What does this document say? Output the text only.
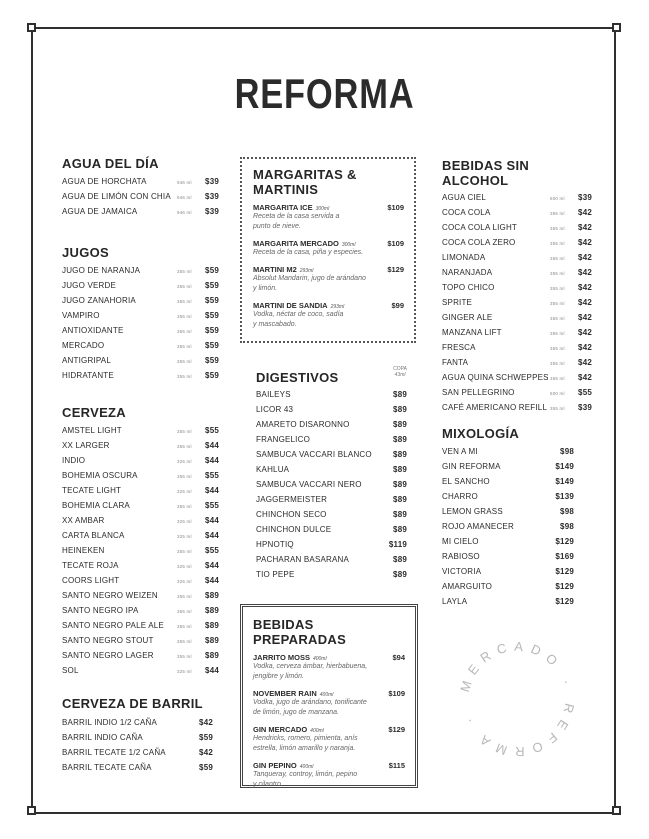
REFORMA
AGUA DEL DÍA
AGUA DE HORCHATA	946 ml	$39
AGUA DE LIMÓN CON CHIA	946 ml	$39
AGUA DE JAMAICA	946 ml	$39
JUGOS
JUGO DE NARANJA	355 ml	$59
JUGO VERDE	355 ml	$59
JUGO ZANAHORIA	355 ml	$59
VAMPIRO	355 ml	$59
ANTIOXIDANTE	355 ml	$59
MERCADO	355 ml	$59
ANTIGRIPAL	355 ml	$59
HIDRATANTE	355 ml	$59
CERVEZA
AMSTEL LIGHT	355 ml	$55
XX LARGER	355 ml	$44
INDIO	325 ml	$44
BOHEMIA OSCURA	355 ml	$55
TECATE LIGHT	325 ml	$44
BOHEMIA CLARA	355 ml	$55
XX AMBAR	325 ml	$44
CARTA BLANCA	325 ml	$44
HEINEKEN	355 ml	$55
TECATE ROJA	325 ml	$44
COORS LIGHT	325 ml	$44
SANTO NEGRO WEIZEN	355 ml	$89
SANTO NEGRO IPA	355 ml	$89
SANTO NEGRO PALE ALE	355 ml	$89
SANTO NEGRO STOUT	355 ml	$89
SANTO NEGRO LAGER	355 ml	$89
SOL	325 ml	$44
CERVEZA DE BARRIL
BARRIL INDIO 1/2 CAÑA	$42
BARRIL INDIO CAÑA	$59
BARRIL TECATE 1/2 CAÑA	$42
BARRIL TECATE CAÑA	$59
MARGARITAS &
MARTINIS
MARGARITA ICE 300ml	$109
Receta de la casa servida a
punto de nieve.
MARGARITA MERCADO 300ml	$109
Receta de la casa, piña y especies.
MARTINI M2 293ml	$129
Absolut Mandarin, jugo de arándano
y limón.
MARTINI DE SANDIA 293ml	$99
Vodka, néctar de coco, sadía
y mascabado.
COPA
43ml
DIGESTIVOS
BAILEYS	$89
LICOR 43	$89
AMARETO DISARONNO	$89
FRANGELICO	$89
SAMBUCA VACCARI BLANCO	$89
KAHLUA	$89
SAMBUCA VACCARI NERO	$89
JAGGERMEISTER	$89
CHINCHON SECO	$89
CHINCHON DULCE	$89
HPNOTIQ	$119
PACHARAN BASARANA	$89
TIO PEPE	$89
BEBIDAS PREPARADAS
JARRITO MOSS 400ml	$94
Vodka, cerveza ámbar, hierbabuena,
jengibre y limón.
NOVEMBER RAIN 400ml	$109
Vodka, jugo de arándano, tonificante
de limón, jugo de manzana.
GIN MERCADO 400ml	$129
Hendricks, romero, pimienta, anís
estrella, limón amarillo y naranja.
GIN PEPINO 400ml	$115
Tanqueray, controy, limón, pepino
y cilantro.
BEBIDAS SIN ALCOHOL
AGUA CIEL	600 ml	$39
COCA COLA	355 ml	$42
COCA COLA LIGHT	355 ml	$42
COCA COLA ZERO	355 ml	$42
LIMONADA	355 ml	$42
NARANJADA	355 ml	$42
TOPO CHICO	355 ml	$42
SPRITE	355 ml	$42
GINGER ALE	355 ml	$42
MANZANA LIFT	355 ml	$42
FRESCA	355 ml	$42
FANTA	355 ml	$42
AGUA QUINA SCHWEPPES 355 ml	$42
SAN PELLEGRINO	500 ml	$55
CAFÉ AMERICANO REFILL 355 ml	$39
MIXOLOGÍA
VEN A MI	$98
GIN REFORMA	$149
EL SANCHO	$149
CHARRO	$139
LEMON GRASS	$98
ROJO AMANECER	$98
MI CIELO	$129
RABIOSO	$169
VICTORIA	$129
AMARGUITO	$129
LAYLA	$129
MERCADO · REFORMA ·
